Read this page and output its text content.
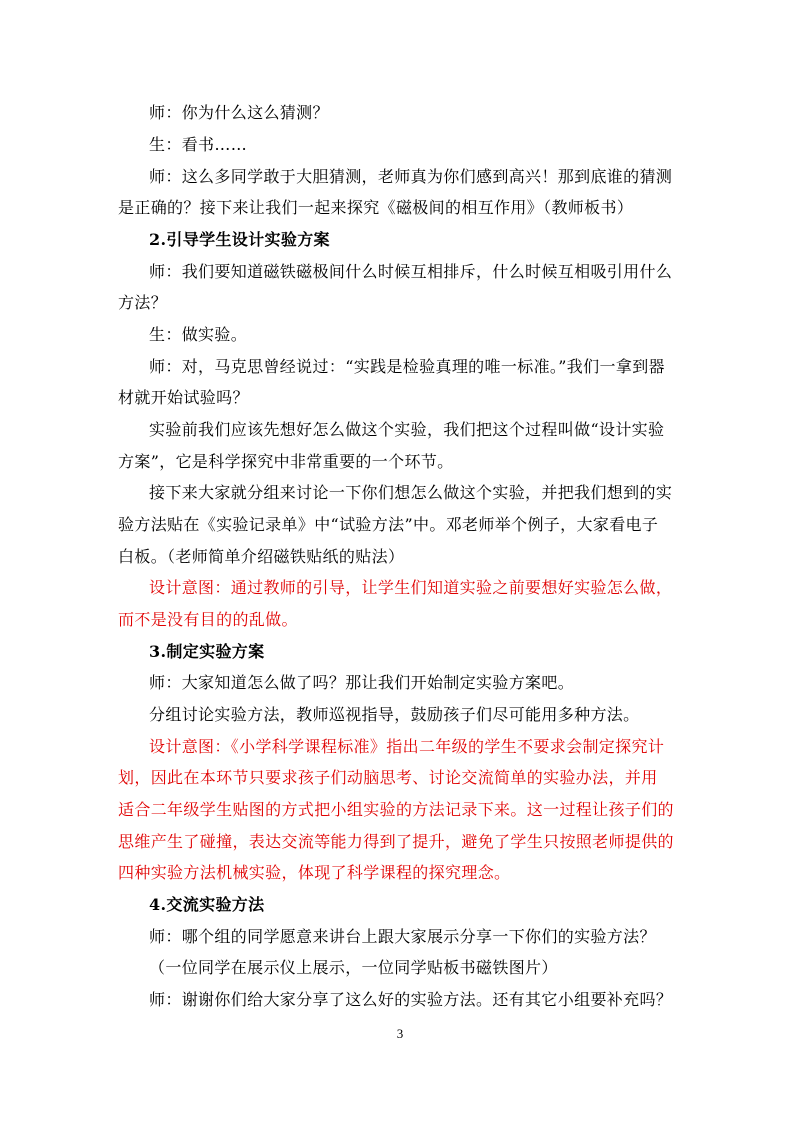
师：你为什么这么猜测？
生：看书……
师：这么多同学敢于大胆猜测，老师真为你们感到高兴！那到底谁的猜测
是正确的？接下来让我们一起来探究《磁极间的相互作用》（教师板书）
2.引导学生设计实验方案
师：我们要知道磁铁磁极间什么时候互相排斥，什么时候互相吸引用什么
方法？
生：做实验。
师：对，马克思曾经说过：“实践是检验真理的唯一标准。”我们一拿到器
材就开始试验吗？
实验前我们应该先想好怎么做这个实验，我们把这个过程叫做“设计实验
方案”，它是科学探究中非常重要的一个环节。
接下来大家就分组来讨论一下你们想怎么做这个实验，并把我们想到的实
验方法贴在《实验记录单》中“试验方法”中。邓老师举个例子，大家看电子
白板。（老师简单介绍磁铁贴纸的贴法）
设计意图：通过教师的引导，让学生们知道实验之前要想好实验怎么做，
而不是没有目的的乱做。
3.制定实验方案
师：大家知道怎么做了吗？那让我们开始制定实验方案吧。
分组讨论实验方法，教师巡视指导，鼓励孩子们尽可能用多种方法。
设计意图：《小学科学课程标准》指出二年级的学生不要求会制定探究计
划，因此在本环节只要求孩子们动脑思考、讨论交流简单的实验办法，并用
适合二年级学生贴图的方式把小组实验的方法记录下来。这一过程让孩子们的
思维产生了碰撞，表达交流等能力得到了提升，避免了学生只按照老师提供的
四种实验方法机械实验，体现了科学课程的探究理念。
4.交流实验方法
师：哪个组的同学愿意来讲台上跟大家展示分享一下你们的实验方法？
（一位同学在展示仪上展示，一位同学贴板书磁铁图片）
师：谢谢你们给大家分享了这么好的实验方法。还有其它小组要补充吗？
3
